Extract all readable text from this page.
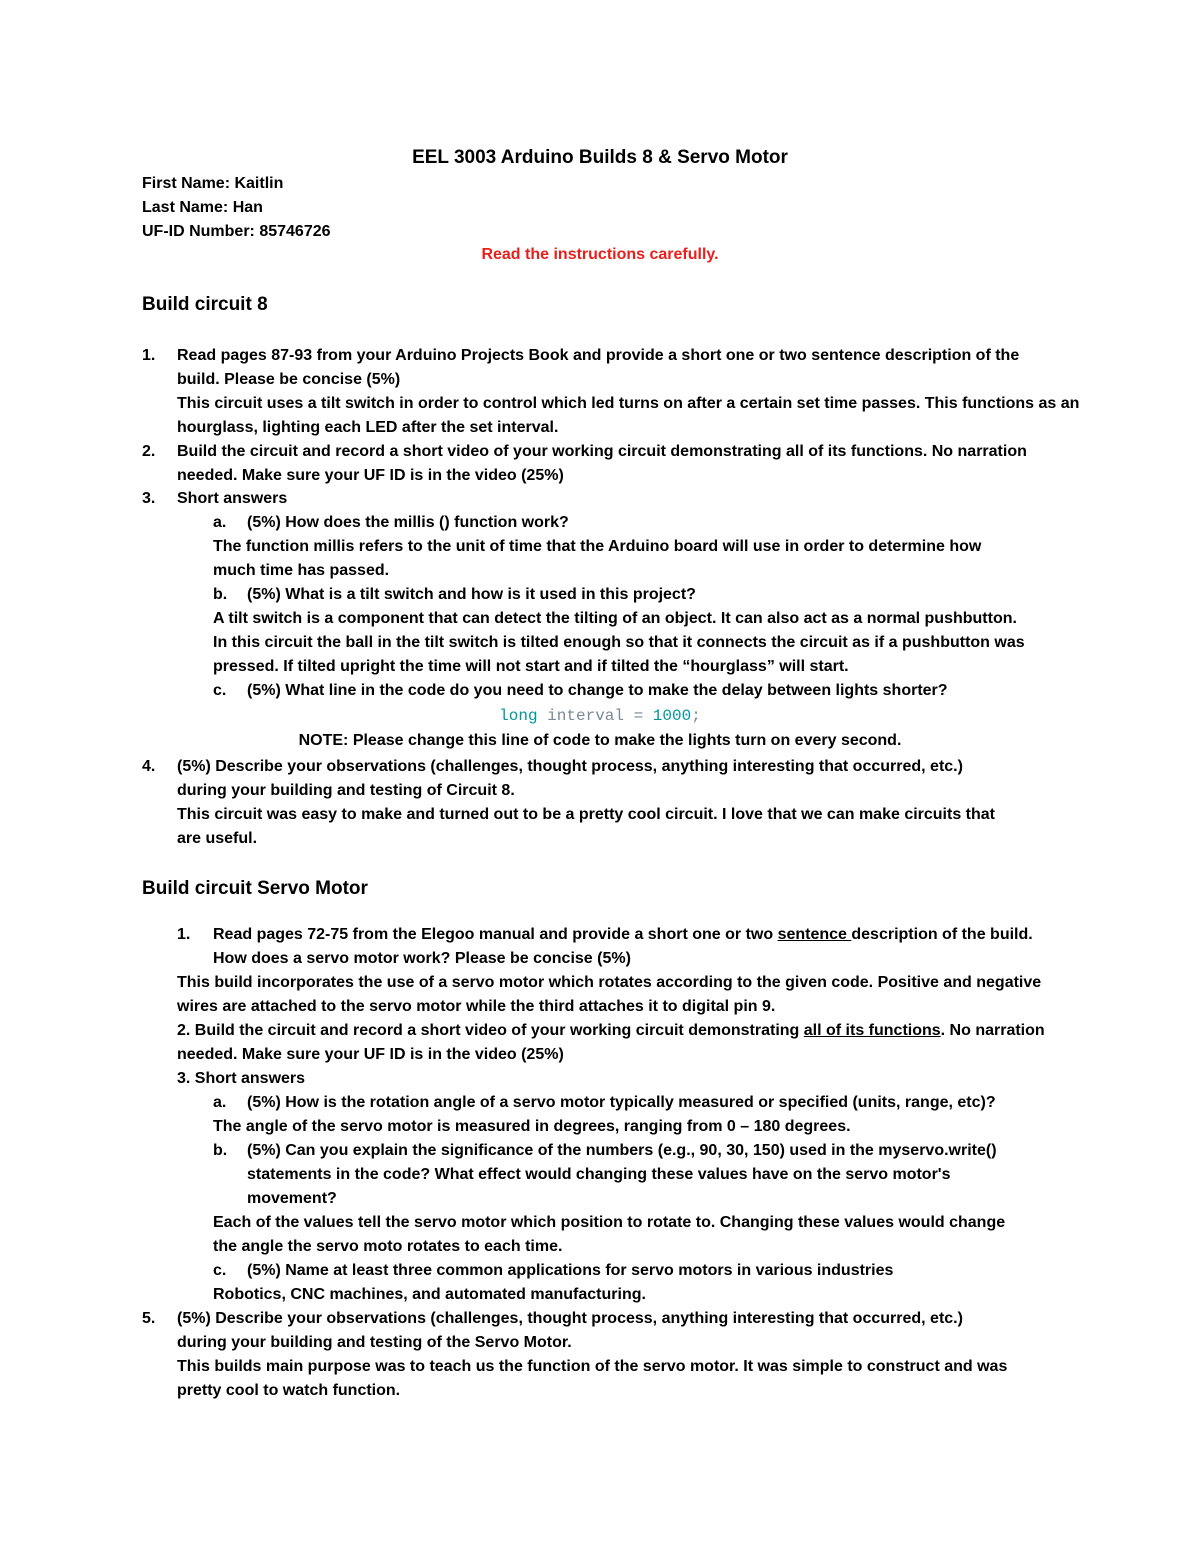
EEL 3003 Arduino Builds 8 & Servo Motor
First Name: Kaitlin
Last Name: Han
UF-ID Number: 85746726
Read the instructions carefully.
Build circuit 8
1. Read pages 87-93 from your Arduino Projects Book and provide a short one or two sentence description of the
build. Please be concise (5%)
This circuit uses a tilt switch in order to control which led turns on after a certain set time passes. This functions as an
hourglass, lighting each LED after the set interval.
2. Build the circuit and record a short video of your working circuit demonstrating all of its functions. No narration
needed. Make sure your UF ID is in the video (25%)
3. Short answers
a. (5%) How does the millis () function work?
The function millis refers to the unit of time that the Arduino board will use in order to determine how
much time has passed.
b. (5%) What is a tilt switch and how is it used in this project?
A tilt switch is a component that can detect the tilting of an object. It can also act as a normal pushbutton.
In this circuit the ball in the tilt switch is tilted enough so that it connects the circuit as if a pushbutton was
pressed. If tilted upright the time will not start and if tilted the “hourglass” will start.
c. (5%) What line in the code do you need to change to make the delay between lights shorter?
long interval = 1000;
NOTE: Please change this line of code to make the lights turn on every second.
4. (5%) Describe your observations (challenges, thought process, anything interesting that occurred, etc.)
during your building and testing of Circuit 8.
This circuit was easy to make and turned out to be a pretty cool circuit. I love that we can make circuits that
are useful.
Build circuit Servo Motor
1. Read pages 72-75 from the Elegoo manual and provide a short one or two sentence description of the build.
How does a servo motor work? Please be concise (5%)
This build incorporates the use of a servo motor which rotates according to the given code. Positive and negative
wires are attached to the servo motor while the third attaches it to digital pin 9.
2. Build the circuit and record a short video of your working circuit demonstrating all of its functions. No narration
needed. Make sure your UF ID is in the video (25%)
3. Short answers
a. (5%) How is the rotation angle of a servo motor typically measured or specified (units, range, etc)?
The angle of the servo motor is measured in degrees, ranging from 0 – 180 degrees.
b. (5%) Can you explain the significance of the numbers (e.g., 90, 30, 150) used in the myservo.write()
statements in the code? What effect would changing these values have on the servo motor's
movement?
Each of the values tell the servo motor which position to rotate to. Changing these values would change
the angle the servo moto rotates to each time.
c. (5%) Name at least three common applications for servo motors in various industries
Robotics, CNC machines, and automated manufacturing.
5. (5%) Describe your observations (challenges, thought process, anything interesting that occurred, etc.)
during your building and testing of the Servo Motor.
This builds main purpose was to teach us the function of the servo motor. It was simple to construct and was
pretty cool to watch function.
